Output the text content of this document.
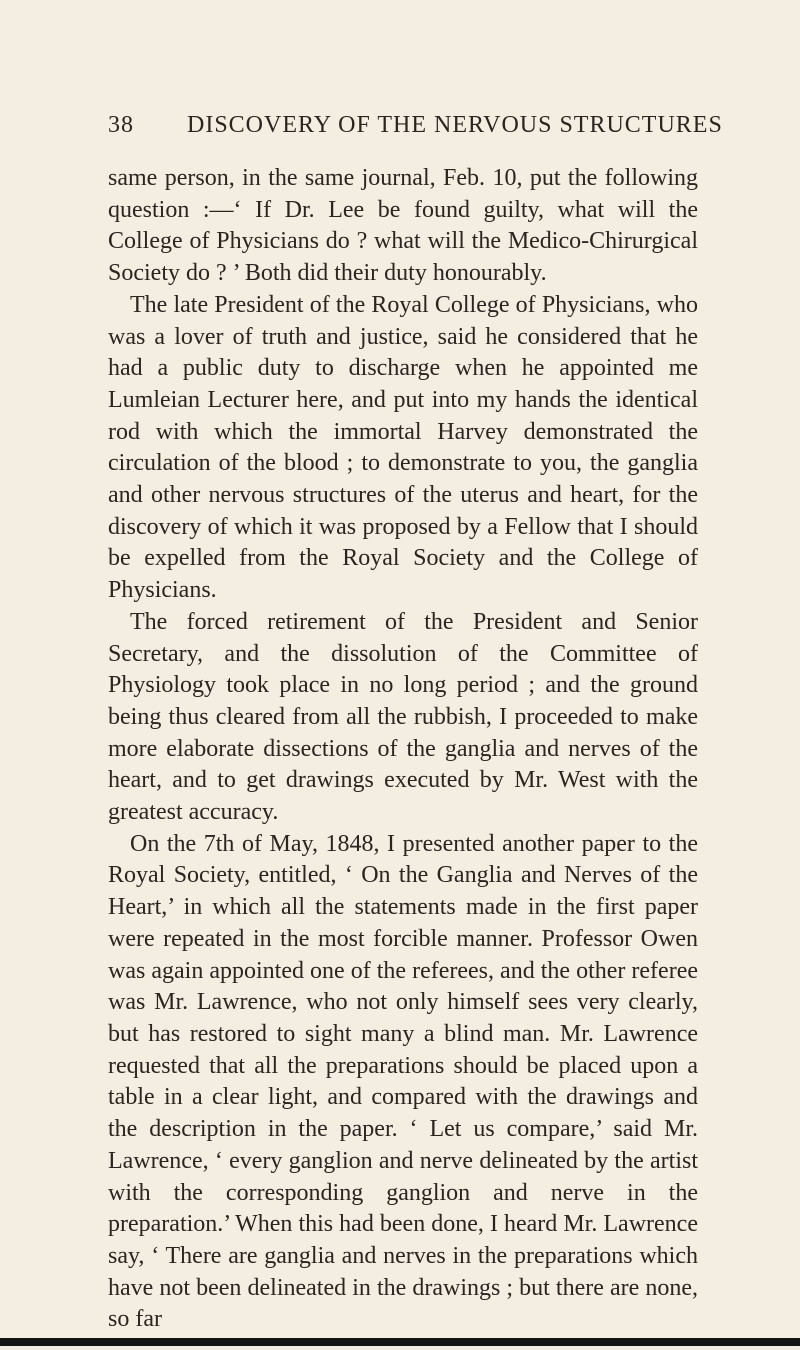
38 DISCOVERY OF THE NERVOUS STRUCTURES

same person, in the same journal, Feb. 10, put the following question :—‘ If Dr. Lee be found guilty, what will the College of Physicians do ? what will the Medico-Chirurgical Society do ? ’ Both did their duty honourably.

The late President of the Royal College of Physicians, who was a lover of truth and justice, said he considered that he had a public duty to discharge when he appointed me Lumleian Lecturer here, and put into my hands the identical rod with which the immortal Harvey demonstrated the circulation of the blood ; to demonstrate to you, the ganglia and other nervous structures of the uterus and heart, for the discovery of which it was proposed by a Fellow that I should be expelled from the Royal Society and the College of Physicians.

The forced retirement of the President and Senior Secretary, and the dissolution of the Committee of Physiology took place in no long period ; and the ground being thus cleared from all the rubbish, I proceeded to make more elaborate dissections of the ganglia and nerves of the heart, and to get drawings executed by Mr. West with the greatest accuracy.

On the 7th of May, 1848, I presented another paper to the Royal Society, entitled, ‘ On the Ganglia and Nerves of the Heart,’ in which all the statements made in the first paper were repeated in the most forcible manner. Professor Owen was again appointed one of the referees, and the other referee was Mr. Lawrence, who not only himself sees very clearly, but has restored to sight many a blind man. Mr. Lawrence requested that all the preparations should be placed upon a table in a clear light, and compared with the drawings and the description in the paper. ‘ Let us compare,’ said Mr. Lawrence, ‘ every ganglion and nerve delineated by the artist with the corresponding ganglion and nerve in the preparation.’ When this had been done, I heard Mr. Lawrence say, ‘ There are ganglia and nerves in the preparations which have not been delineated in the drawings ; but there are none, so far
